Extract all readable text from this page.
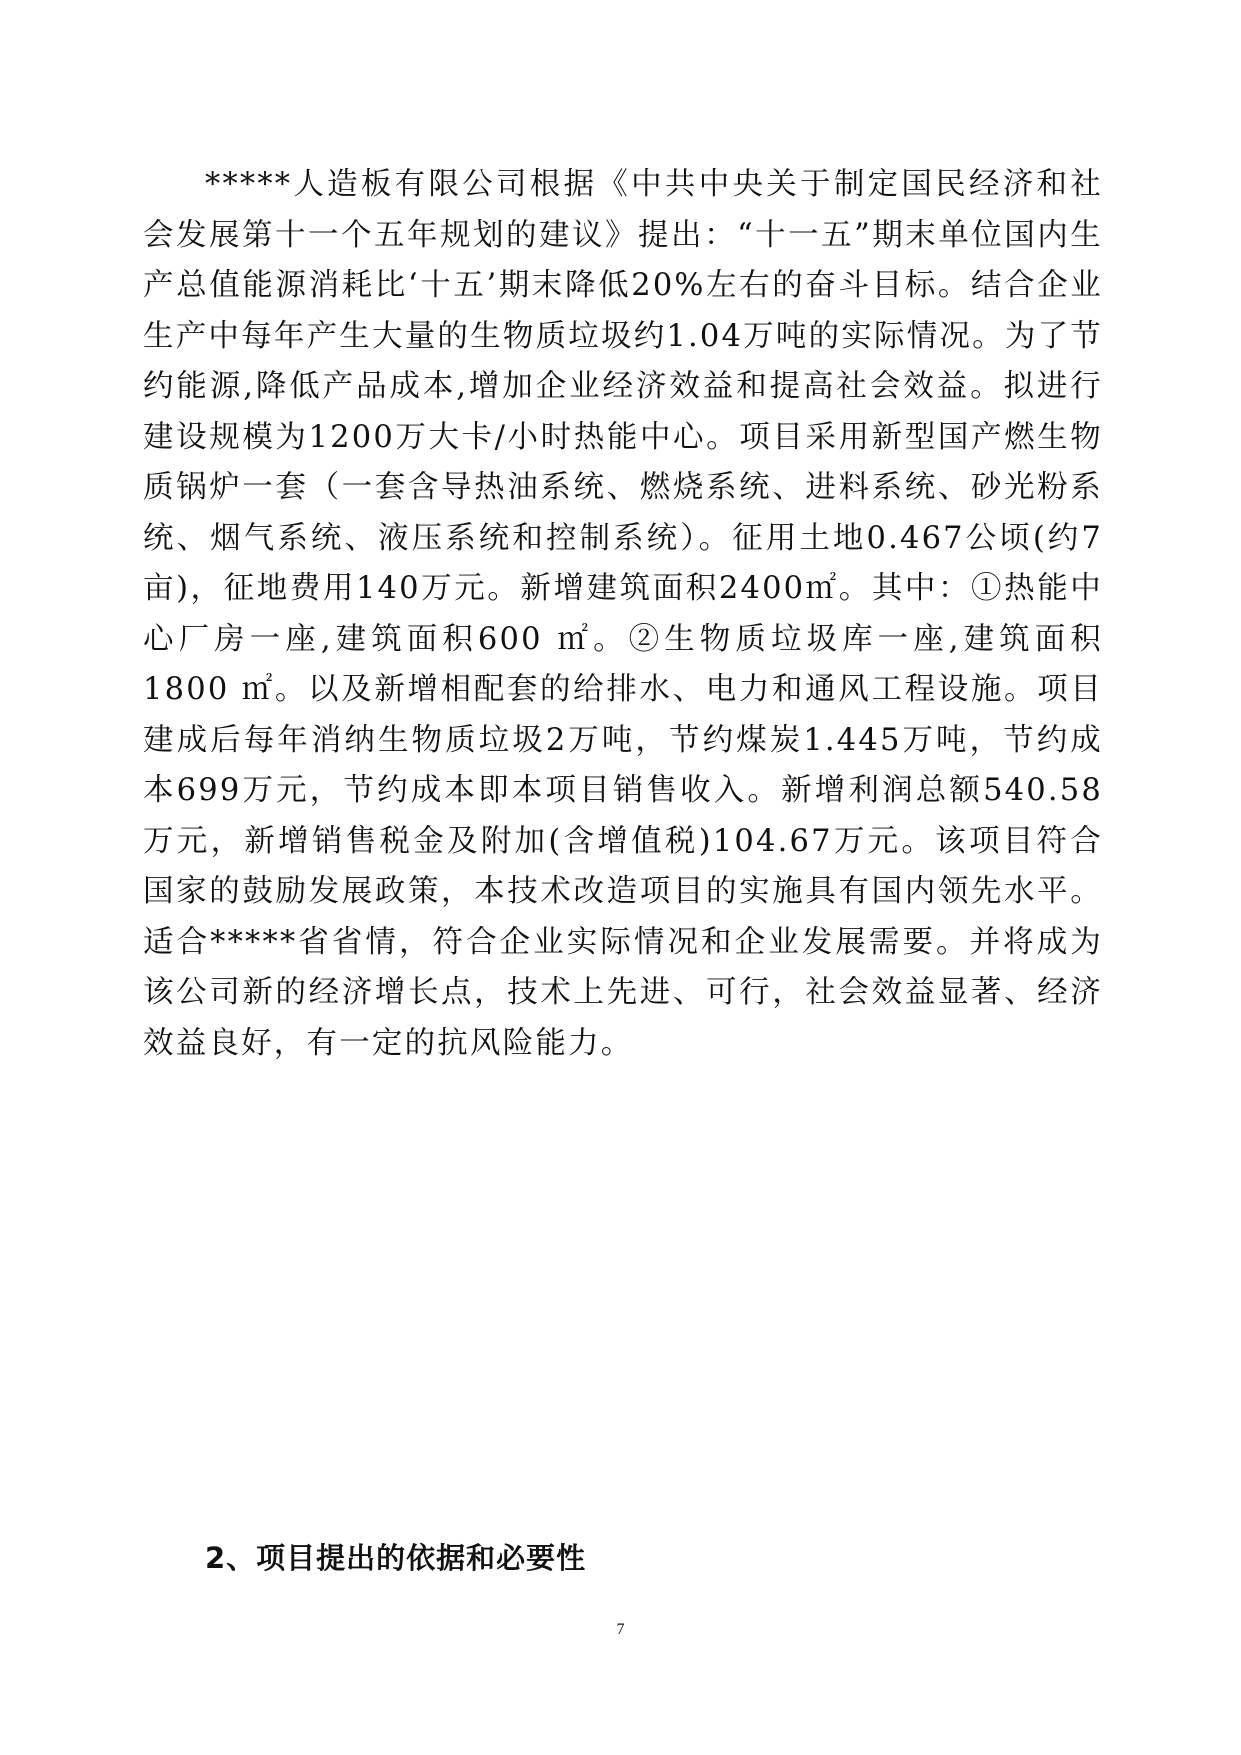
*****人造板有限公司根据《中共中央关于制定国民经济和社会发展第十一个五年规划的建议》提出：“十一五”期末单位国内生产总值能源消耗比‘十五’期末降低20%左右的奋斗目标。结合企业生产中每年产生大量的生物质垃圾约1.04万吨的实际情况。为了节约能源,降低产品成本,增加企业经济效益和提高社会效益。拟进行建设规模为1200万大卡/小时热能中心。项目采用新型国产燃生物质锅炉一套（一套含导热油系统、燃烧系统、进料系统、砂光粉系统、烟气系统、液压系统和控制系统）。征用土地0.467公顷(约7亩)，征地费用140万元。新增建筑面积2400㎡。其中：①热能中心厂房一座,建筑面积600 ㎡。②生物质垃圾库一座,建筑面积1800 ㎡。以及新增相配套的给排水、电力和通风工程设施。项目建成后每年消纳生物质垃圾2万吨，节约煤炭1.445万吨，节约成本699万元，节约成本即本项目销售收入。新增利润总额540.58万元，新增销售税金及附加(含增值税)104.67万元。该项目符合国家的鼓励发展政策，本技术改造项目的实施具有国内领先水平。适合*****省省情，符合企业实际情况和企业发展需要。并将成为该公司新的经济增长点，技术上先进、可行，社会效益显著、经济效益良好，有一定的抗风险能力。

2、项目提出的依据和必要性
7
